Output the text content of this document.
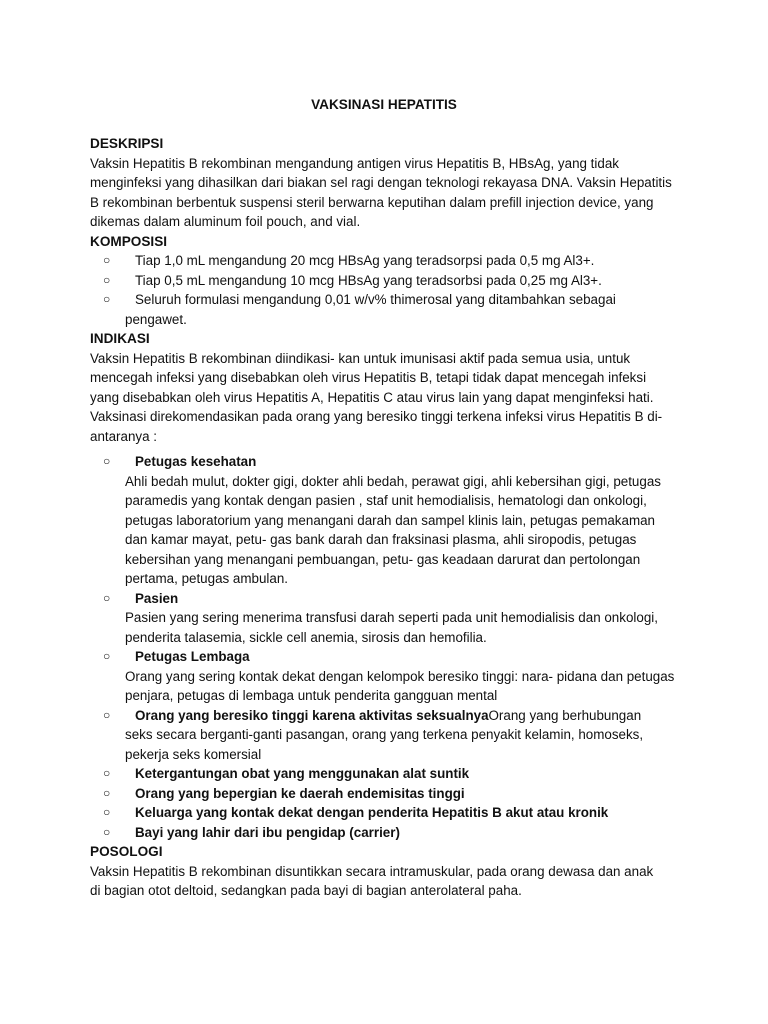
VAKSINASI HEPATITIS
DESKRIPSI
Vaksin Hepatitis B rekombinan mengandung antigen virus Hepatitis B, HBsAg, yang tidak
menginfeksi yang dihasilkan dari biakan sel ragi dengan teknologi rekayasa DNA. Vaksin Hepatitis
B rekombinan berbentuk suspensi steril berwarna keputihan dalam prefill injection device, yang
dikemas dalam aluminum foil pouch, and vial.
KOMPOSISI
○ Tiap 1,0 mL mengandung 20 mcg HBsAg yang teradsorpsi pada 0,5 mg Al3+.
○ Tiap 0,5 mL mengandung 10 mcg HBsAg yang teradsorbsi pada 0,25 mg Al3+.
○ Seluruh formulasi mengandung 0,01 w/v% thimerosal yang ditambahkan sebagai
pengawet.
INDIKASI
Vaksin Hepatitis B rekombinan diindikasi- kan untuk imunisasi aktif pada semua usia, untuk
mencegah infeksi yang disebabkan oleh virus Hepatitis B, tetapi tidak dapat mencegah infeksi
yang disebabkan oleh virus Hepatitis A, Hepatitis C atau virus lain yang dapat menginfeksi hati.
Vaksinasi direkomendasikan pada orang yang beresiko tinggi terkena infeksi virus Hepatitis B di-
antaranya :
○ Petugas kesehatan
Ahli bedah mulut, dokter gigi, dokter ahli bedah, perawat gigi, ahli kebersihan gigi, petugas
paramedis yang kontak dengan pasien , staf unit hemodialisis, hematologi dan onkologi,
petugas laboratorium yang menangani darah dan sampel klinis lain, petugas pemakaman
dan kamar mayat, petu- gas bank darah dan fraksinasi plasma, ahli siropodis, petugas
kebersihan yang menangani pembuangan, petu- gas keadaan darurat dan pertolongan
pertama, petugas ambulan.
○ Pasien
Pasien yang sering menerima transfusi darah seperti pada unit hemodialisis dan onkologi,
penderita talasemia, sickle cell anemia, sirosis dan hemofilia.
○ Petugas Lembaga
Orang yang sering kontak dekat dengan kelompok beresiko tinggi: nara- pidana dan petugas
penjara, petugas di lembaga untuk penderita gangguan mental
○ Orang yang beresiko tinggi karena aktivitas seksualnyaOrang yang berhubungan
seks secara berganti-ganti pasangan, orang yang terkena penyakit kelamin, homoseks,
pekerja seks komersial
○ Ketergantungan obat yang menggunakan alat suntik
○ Orang yang bepergian ke daerah endemisitas tinggi
○ Keluarga yang kontak dekat dengan penderita Hepatitis B akut atau kronik
○ Bayi yang lahir dari ibu pengidap (carrier)
POSOLOGI
Vaksin Hepatitis B rekombinan disuntikkan secara intramuskular, pada orang dewasa dan anak
di bagian otot deltoid, sedangkan pada bayi di bagian anterolateral paha.
